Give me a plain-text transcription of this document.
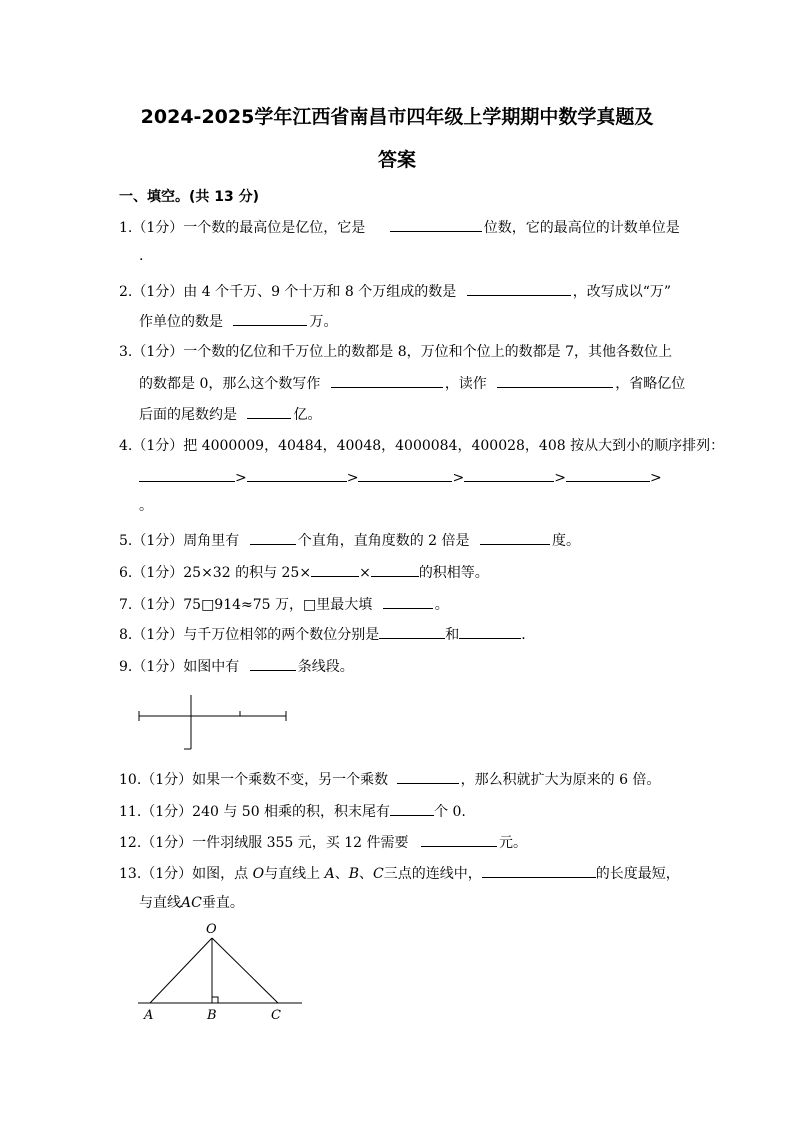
2024-2025学年江西省南昌市四年级上学期期中数学真题及
答案
一、填空。(共 13 分)
1.（1分）一个数的最高位是亿位，它是	位数，它的最高位的计数单位是
.
2.（1分）由 4 个千万、9 个十万和 8 个万组成的数是	，改写成以“万”
作单位的数是	万。
3.（1分）一个数的亿位和千万位上的数都是 8，万位和个位上的数都是 7，其他各数位上
的数都是 0，那么这个数写作	，读作	，省略亿位
后面的尾数约是	亿。
4.（1分）把 4000009，40484，40048，4000084，400028，408 按从大到小的顺序排列：
>	>	>	>	>
。
5.（1分）周角里有	个直角，直角度数的 2 倍是	度。
6.（1分）25×32 的积与 25×	×	的积相等。
7.（1分）75□914≈75 万，□里最大填	。
8.（1分）与千万位相邻的两个数位分别是	和	.
9.（1分）如图中有	条线段。
10.（1分）如果一个乘数不变，另一个乘数	，那么积就扩大为原来的 6 倍。
11.（1分）240 与 50 相乘的积，积末尾有	个 0.
12.（1分）一件羽绒服 355 元，买 12 件需要	元。
13.（1分）如图，点 O与直线上 A、B、C三点的连线中，	的长度最短，
与直线AC垂直。
O
A	B	C
